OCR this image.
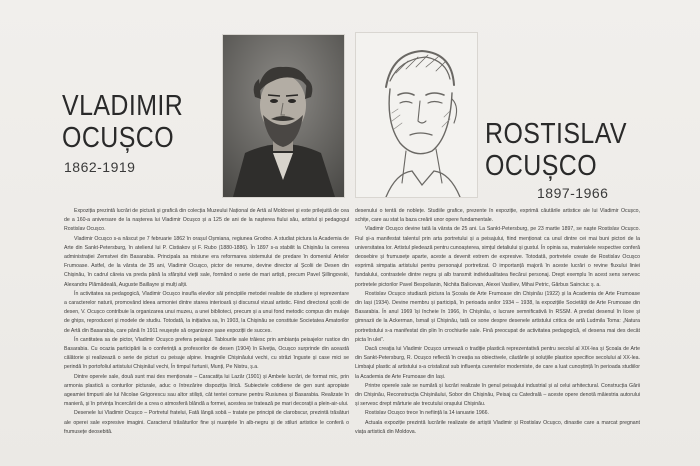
VLADIMIR
OCUȘCO
1862-1919
ROSTISLAV
OCUȘCO
1897-1966

Expoziția prezintă lucrări de pictură și grafică din colecția Muzeului Național de Artă al Moldovei și este prilejuită de cea de a 160-a aniversare de la nașterea lui Vladimir Ocușco și a 125 de ani de la nașterea fiului său, artistul și pedagogul Rostislav Ocușco.

Vladimir Ocușco s-a născut pe 7 februarie 1862 în orașul Oșmiana, regiunea Grodno. A studiat pictura la Academia de Arte din Sankt-Petersburg, în atelierul lui P. Cistiakov și F. Rubo (1880-1886). În 1897 s-a stabilit la Chișinău la cererea administrației Zemstvei din Basarabia. Principala sa misiune era reformarea sistemului de predare în domeniul Artelor Frumoase. Astfel, de la vârsta de 35 ani, Vladimir Ocușco, pictor de renume, devine director al Școlii de Desen din Chișinău, în cadrul căreia va preda până la sfârșitul vieții sale, formând o serie de mari artiști, precum Pavel Șillingovski, Alexandru Plămădeală, Auguste Baillayre și mulți alții.

În activitatea sa pedagogică, Vladimir Ocușco insufla elevilor săi principiile metodei realiste de studiere și reprezentare a caracterelor naturii, promovând ideea armoniei dintre starea interioară și discursul vizual artistic. Fiind directorul școlii de desen, V. Ocușco contribuie la organizarea unui muzeu, a unei biblioteci, precum și a unui fond metodic compus din mulaje de ghips, reproduceri și modele de studiu. Totodată, la inițiativa sa, în 1903, la Chișinău se constituie Societatea Amatorilor de Artă din Basarabia, care până în 1911 reușește să organizeze șase expoziții de succes.

În cantitatea sa de pictor, Vladimir Ocușco prefera peisajul. Tablourile sale trăiesc prin ambianța peisajelor rustice din Basarabia. Cu ocazia participării la o conferință a profesorilor de desen (1904) în Elveția, Ocușco surprinde din această călătorie și realizează o serie de picturi cu peisaje alpine. Imaginile Chișinăului vechi, cu străzi înguste și case mici se perindă în portofoliul artistului Chișinăul vechi, În timpul furtunii, Munți, Pe Nistru, ș.a.

Dintre operele sale, două sunt mai des menționate – Caracatița lui Lazăr (1901) și Ambele lucrări, de format mic, prin armonia plastică a conturilor picturale, aduc o întrezărire dispoziția lirică. Subiectele cotidiene de gen sunt apropiate ageamiei timpurii ale lui Nicolae Grigorescu sau altor stiliști, cât tentei comune pentru Rusiunea și Basarabia. Realizate în manieră, și în privința încercării de a crea o atmosferă blândă a formei, acestea se tratează pe mari decorații a plein-air-ului.

Desenele lui Vladimir Ocușco – Portretul fratelui, Fată lângă sobă – tratate pe principii de clarobscur, prezintă trăsături ale operei sale expresive imagini. Caracterul trăsăturilor fine și nuanțele în alb-negru și de stiluri artistice le conferă o frumusețe deosebită.

desenului o tentă de noblețe. Studiile grafice, prezente în expoziție, exprimă căutările artistice ale lui Vladimir Ocușco, schițe, care au stat la baza creării unor opere fundamentale.

Vladimir Ocușco devine tată la vârsta de 25 ani. La Sankt-Petersburg, pe 23 martie 1897, se naște Rostislav Ocușco. Fiul și-a manifestat talentul prin arta portretului și a peisajului, fiind menționat ca unul dintre cei mai buni pictori de la universitatea lor. Artistul pledează pentru cunoașterea, simțul detaliului și gustul. În opinia sa, materialele respective conferă deosebire și frumusețe aparte, aceste a devenit extrem de expresive. Totodată, portretele create de Rostislav Ocușco exprimă simpatia artistului pentru personajul portretizat. O importanță majoră în aceste lucrări o revine fluxului liniei fundalului, contrastele dintre negru și alb transmit individualitatea fiecărui personaj. Drept exemplu în acest sens servesc portretele pictorilor Pavel Bespolianin, Nichita Balicevan, Alexei Vasiliev, Mihai Petric, Gărbus Sainciuc ș. a.

Rostislav Ocușco studiază pictura la Școala de Arte Frumoase din Chișinău (1922) și la Academia de Arte Frumoase din Iași (1934). Devine membru și participă, în perioada anilor 1934 – 1938, la expozițiile Societății de Arte Frumoase din Basarabia. În anul 1969 își încheie în 1966, în Chișinău, o lucrare semnificativă în RSSM. A predat desenul în licee și gimnazii de la Ackerman, Ismail și Chișinău, tată ce sone despre desenele artistului critica de artă Ludmila Toma: „Natura portretistului s-a manifestat din plin în crochiurile sale. Fină preocupat de activitatea pedagogică, el desena mai des decât picta în ulei”.

Dacă creația lui Vladimir Ocușco urmează o tradiție plastică reprezentativă pentru secolul al XIX-lea și Școala de Arte din Sankt-Petersburg, R. Ocușco reflectă în creația sa obiectivele, căutările și soluțiile plastice specifice secolului al XX-lea. Limbajul plastic al artistului s-a cristalizat sub influența curentelor moderniste, de care a luat cunoștință în perioada studiilor la Academia de Arte Frumoase din Iași.

Printre operele sale se numără și lucrări realizate în genul peisajului industrial și al celui arhitectural. Construcția Gării din Chișinău, Reconstrucția Chișinăului, Sobor din Chișinău, Peisaj cu Catedrală – aceste opere denotă măiestria autorului și servesc drept mărturie ale trecutului orașului Chișinău.

Rostislav Ocușco trece în neființă la 14 ianuarie 1966.

Actuala expoziție prezintă lucrările realizate de artiștii Vladimir și Rostislav Ocușco, dinastie care a marcat pregnant viața artistică din Moldova.
